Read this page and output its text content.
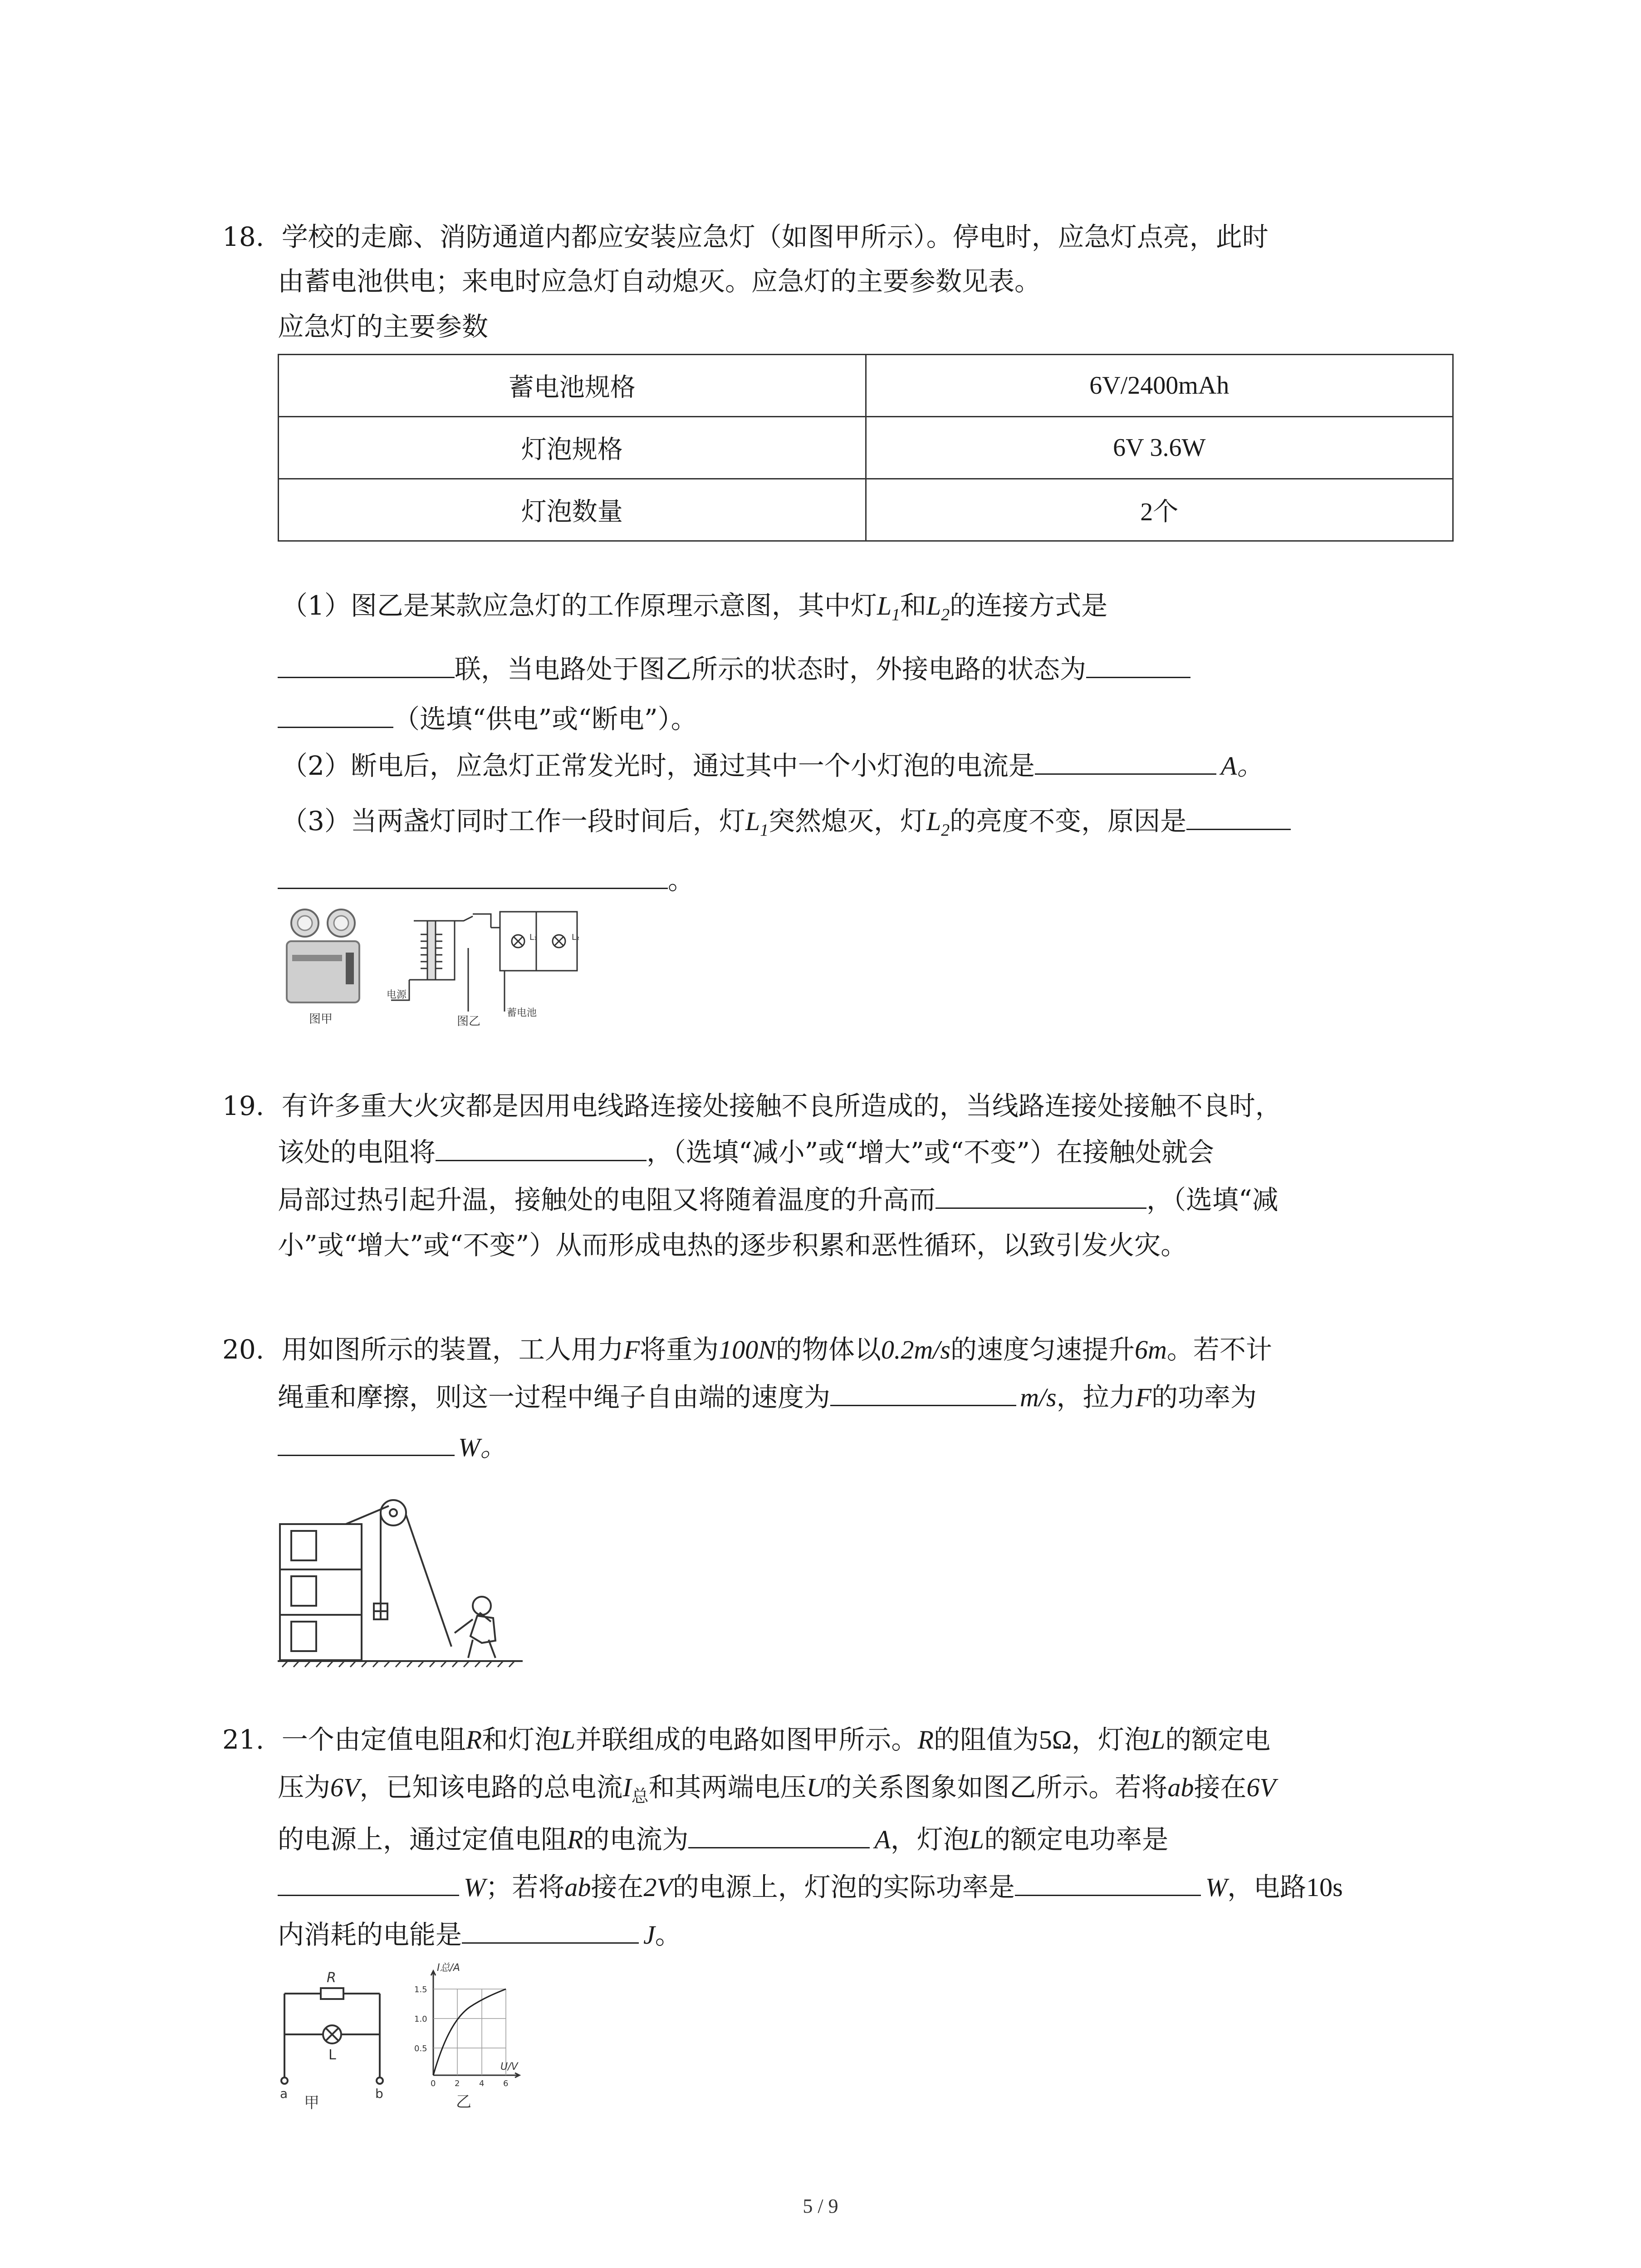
18. 学校的走廊、消防通道内都应安装应急灯（如图甲所示）。停电时，应急灯点亮，此时
由蓄电池供电；来电时应急灯自动熄灭。应急灯的主要参数见表。
应急灯的主要参数
蓄电池规格	6V/2400mAh
灯泡规格	6V 3.6W
灯泡数量	2个
（1）图乙是某款应急灯的工作原理示意图，其中灯$L_1$和$L_2$的连接方式是
联，当电路处于图乙所示的状态时，外接电路的状态为
（选填“供电”或“断电”）。
（2）断电后，应急灯正常发光时，通过其中一个小灯泡的电流是	A。
（3）当两盏灯同时工作一段时间后，灯$L_1$突然熄灭，灯$L_2$的亮度不变，原因是
。
图甲
L₁	L₂
电源
蓄电池
图乙
19. 有许多重大火灾都是因用电线路连接处接触不良所造成的，当线路连接处接触不良时，
该处的电阻将	，（选填“减小”或“增大”或“不变”）在接触处就会
局部过热引起升温，接触处的电阻又将随着温度的升高而	，（选填“减
小”或“增大”或“不变”）从而形成电热的逐步积累和恶性循环，以致引发火灾。
20. 用如图所示的装置，工人用力F将重为100N的物体以0.2m/s的速度匀速提升6m。若不计
绳重和摩擦，则这一过程中绳子自由端的速度为	m/s，拉力F的功率为
W。
21. 一个由定值电阻R和灯泡L并联组成的电路如图甲所示。R的阻值为5Ω，灯泡L的额定电
压为6V，已知该电路的总电流$I_总$和其两端电压U的关系图象如图乙所示。若将ab接在6V
的电源上，通过定值电阻R的电流为	A，灯泡L的额定电功率是
W；若将ab接在2V的电源上，灯泡的实际功率是	W，电路10s
内消耗的电能是	J。
R
L
a	b
甲
I总/A
U/V
1.5
1.0
0.5
0 2 4 6
乙
5 / 9
